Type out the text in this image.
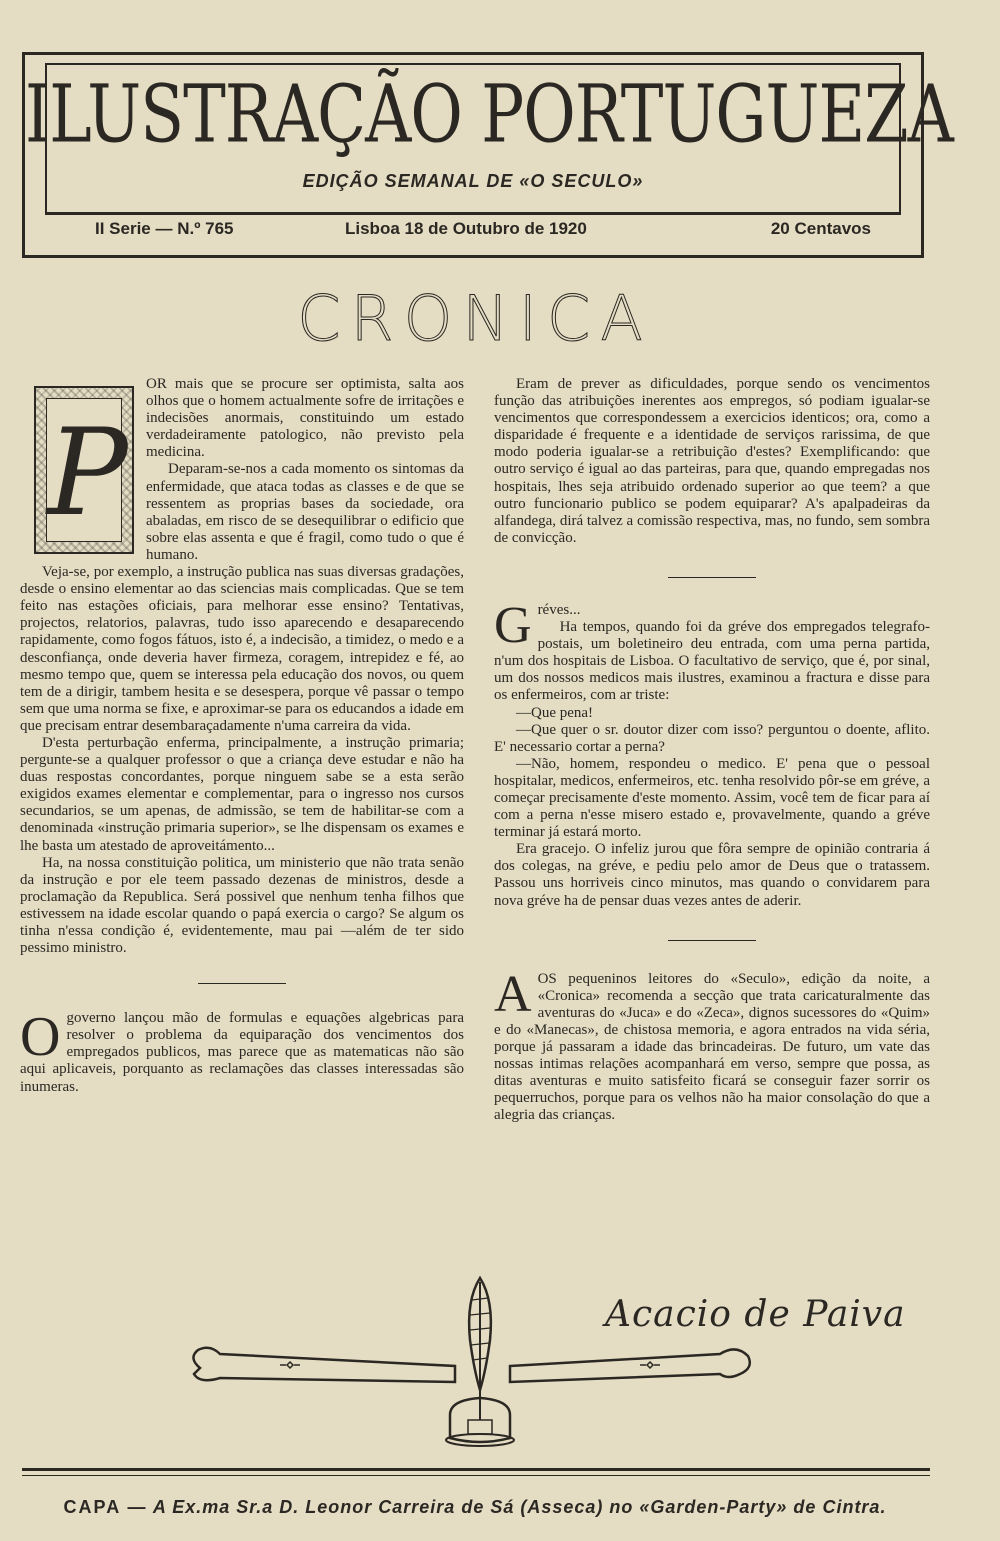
ILUSTRAÇÃO PORTUGUEZA
EDIÇÃO SEMANAL DE «O SECULO»
II Serie — N.º 765	Lisboa 18 de Outubro de 1920	20 Centavos
CRONICA
P

OR mais que se procure ser optimista, salta aos olhos que o homem actualmente sofre de irritações e indecisões anormais, constituindo um estado verdadeiramente patologico, não previsto pela medicina.

Deparam-se-nos a cada momento os sintomas da enfermidade, que ataca todas as classes e de que se ressentem as proprias bases da sociedade, ora abaladas, em risco de se desequilibrar o edificio que sobre elas assenta e que é fragil, como tudo o que é humano.

Veja-se, por exemplo, a instrução publica nas suas diversas gradações, desde o ensino elementar ao das sciencias mais complicadas. Que se tem feito nas estações oficiais, para melhorar esse ensino? Tentativas, projectos, relatorios, palavras, tudo isso aparecendo e desaparecendo rapidamente, como fogos fátuos, isto é, a indecisão, a timidez, o medo e a desconfiança, onde deveria haver firmeza, coragem, intrepidez e fé, ao mesmo tempo que, quem se interessa pela educação dos novos, ou quem tem de a dirigir, tambem hesita e se desespera, porque vê passar o tempo sem que uma norma se fixe, e aproximar-se para os educandos a idade em que precisam entrar desembaraçadamente n'uma carreira da vida.

D'esta perturbação enferma, principalmente, a instrução primaria; pergunte-se a qualquer professor o que a criança deve estudar e não ha duas respostas concordantes, porque ninguem sabe se a esta serão exigidos exames elementar e complementar, para o ingresso nos cursos secundarios, se um apenas, de admissão, se tem de habilitar-se com a denominada «instrução primaria superior», se lhe dispensam os exames e lhe basta um atestado de aproveitámento...

Ha, na nossa constituição politica, um ministerio que não trata senão da instrução e por ele teem passado dezenas de ministros, desde a proclamação da Republica. Será possivel que nenhum tenha filhos que estivessem na idade escolar quando o papá exercia o cargo? Se algum os tinha n'essa condição é, evidentemente, mau pai —além de ter sido pessimo ministro.

Ogoverno lançou mão de formulas e equações algebricas para resolver o problema da equiparação dos vencimentos dos empregados publicos, mas parece que as matematicas não são aqui aplicaveis, porquanto as reclamações das classes interessadas são inumeras.

Eram de prever as dificuldades, porque sendo os vencimentos função das atribuições inerentes aos empregos, só podiam igualar-se vencimentos que correspondessem a exercicios identicos; ora, como a disparidade é frequente e a identidade de serviços rarissima, de que modo poderia igualar-se a retribuição d'estes? Exemplificando: que outro serviço é igual ao das parteiras, para que, quando empregadas nos hospitais, lhes seja atribuido ordenado superior ao que teem? a que outro funcionario publico se podem equiparar? A's apalpadeiras da alfandega, dirá talvez a comissão respectiva, mas, no fundo, sem sombra de convicção.

Gréves...
Ha tempos, quando foi da gréve dos empregados telegrafo-postais, um boletineiro deu entrada, com uma perna partida, n'um dos hospitais de Lisboa. O facultativo de serviço, que é, por sinal, um dos nossos medicos mais ilustres, examinou a fractura e disse para os enfermeiros, com ar triste:

—Que pena!

—Que quer o sr. doutor dizer com isso? perguntou o doente, aflito. E' necessario cortar a perna?

—Não, homem, respondeu o medico. E' pena que o pessoal hospitalar, medicos, enfermeiros, etc. tenha resolvido pôr-se em gréve, a começar precisamente d'este momento. Assim, você tem de ficar para aí com a perna n'esse misero estado e, provavelmente, quando a gréve terminar já estará morto.

Era gracejo. O infeliz jurou que fôra sempre de opinião contraria á dos colegas, na gréve, e pediu pelo amor de Deus que o tratassem. Passou uns horriveis cinco minutos, mas quando o convidarem para nova gréve ha de pensar duas vezes antes de aderir.

AOS pequeninos leitores do «Seculo», edição da noite, a «Cronica» recomenda a secção que trata caricaturalmente das aventuras do «Juca» e do «Zeca», dignos sucessores do «Quim» e do «Manecas», de chistosa memoria, e agora entrados na vida séria, porque já passaram a idade das brincadeiras. De futuro, um vate das nossas intimas relações acompanhará em verso, sempre que possa, as ditas aventuras e muito satisfeito ficará se conseguir fazer sorrir os pequerruchos, porque para os velhos não ha maior consolação do que a alegria das crianças.

Acacio de Paiva
CAPA — A Ex.ma Sr.a D. Leonor Carreira de Sá (Asseca) no «Garden-Party» de Cintra.
